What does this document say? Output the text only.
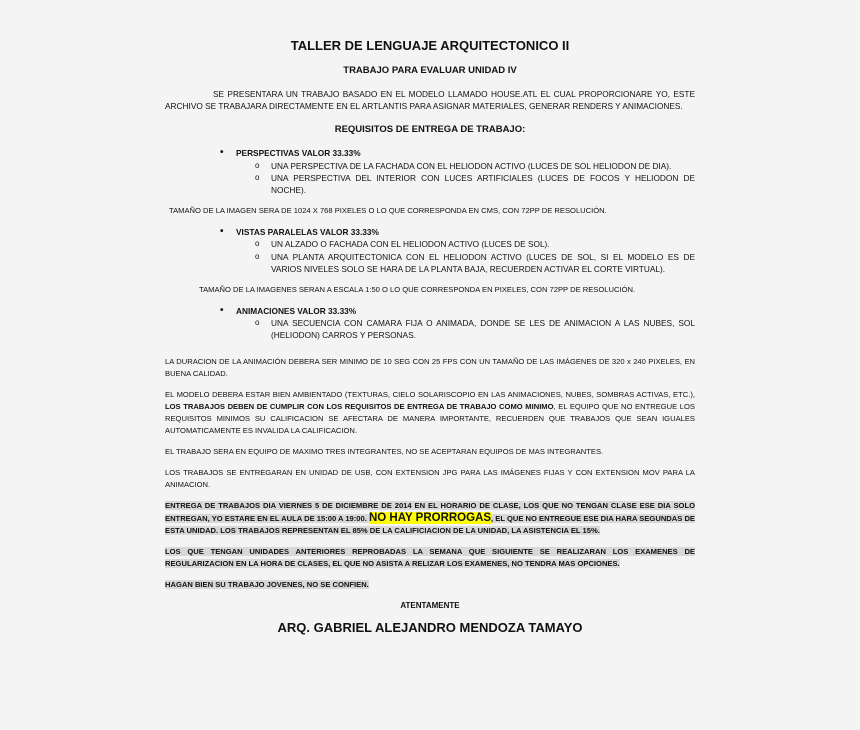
TALLER DE LENGUAJE ARQUITECTONICO II
TRABAJO PARA EVALUAR UNIDAD IV

SE PRESENTARA UN TRABAJO BASADO EN EL MODELO LLAMADO HOUSE.ATL EL CUAL PROPORCIONARE YO, ESTE ARCHIVO SE TRABAJARA DIRECTAMENTE EN EL ARTLANTIS PARA ASIGNAR MATERIALES, GENERAR RENDERS Y ANIMACIONES.

REQUISITOS DE ENTREGA DE TRABAJO:
• PERSPECTIVAS VALOR 33.33%
o UNA PERSPECTIVA DE LA FACHADA CON EL HELIODON ACTIVO (LUCES DE SOL HELIODON DE DIA).
o UNA PERSPECTIVA DEL INTERIOR CON LUCES ARTIFICIALES (LUCES DE FOCOS Y HELIODON DE NOCHE).

TAMAÑO DE LA IMAGEN SERA DE 1024 X 768 PIXELES O LO QUE CORRESPONDA EN CMS, CON 72PP DE RESOLUCIÓN.

• VISTAS PARALELAS VALOR 33.33%
o UN ALZADO O FACHADA CON EL HELIODON ACTIVO (LUCES DE SOL).
o UNA PLANTA ARQUITECTONICA CON EL HELIODON ACTIVO (LUCES DE SOL, SI EL MODELO ES DE VARIOS NIVELES SOLO SE HARA DE LA PLANTA BAJA, RECUERDEN ACTIVAR EL CORTE VIRTUAL).

TAMAÑO DE LA IMAGENES SERAN A ESCALA 1:50 O LO QUE CORRESPONDA EN PIXELES, CON 72PP DE RESOLUCIÓN.

• ANIMACIONES VALOR 33.33%
o UNA SECUENCIA CON CAMARA FIJA O ANIMADA, DONDE SE LES DE ANIMACION A LAS NUBES, SOL (HELIODON) CARROS Y PERSONAS.

LA DURACION DE LA ANIMACIÓN DEBERA SER MINIMO DE 10 SEG CON 25 FPS CON UN TAMAÑO DE LAS IMÁGENES DE 320 x 240 PIXELES, EN BUENA CALIDAD.

EL MODELO DEBERA ESTAR BIEN AMBIENTADO (TEXTURAS, CIELO SOLARISCOPIO EN LAS ANIMACIONES, NUBES, SOMBRAS ACTIVAS, ETC.), LOS TRABAJOS DEBEN DE CUMPLIR CON LOS REQUISITOS DE ENTREGA DE TRABAJO COMO MINIMO, EL EQUIPO QUE NO ENTREGUE LOS REQUISITOS MINIMOS SU CALIFICACION SE AFECTARA DE MANERA IMPORTANTE, RECUERDEN QUE TRABAJOS QUE SEAN IGUALES AUTOMATICAMENTE ES INVALIDA LA CALIFICACION.

EL TRABAJO SERA EN EQUIPO DE MAXIMO TRES INTEGRANTES, NO SE ACEPTARAN EQUIPOS DE MAS INTEGRANTES.

LOS TRABAJOS SE ENTREGARAN EN UNIDAD DE USB, CON EXTENSION JPG PARA LAS IMÁGENES FIJAS Y CON EXTENSION MOV PARA LA ANIMACION.

ENTREGA DE TRABAJOS DIA VIERNES 5 DE DICIEMBRE DE 2014 EN EL HORARIO DE CLASE, LOS QUE NO TENGAN CLASE ESE DIA SOLO ENTREGAN, YO ESTARE EN EL AULA DE 15:00 A 19:00. NO HAY PRORROGAS, EL QUE NO ENTREGUE ESE DIA HARA SEGUNDAS DE ESTA UNIDAD. LOS TRABAJOS REPRESENTAN EL 85% DE LA CALIFICIACION DE LA UNIDAD, LA ASISTENCIA EL 15%.

LOS QUE TENGAN UNIDADES ANTERIORES REPROBADAS LA SEMANA QUE SIGUIENTE SE REALIZARAN LOS EXAMENES DE REGULARIZACION EN LA HORA DE CLASES, EL QUE NO ASISTA A RELIZAR LOS EXAMENES, NO TENDRA MAS OPCIONES.

HAGAN BIEN SU TRABAJO JOVENES, NO SE CONFIEN.

ATENTAMENTE
ARQ. GABRIEL ALEJANDRO MENDOZA TAMAYO
